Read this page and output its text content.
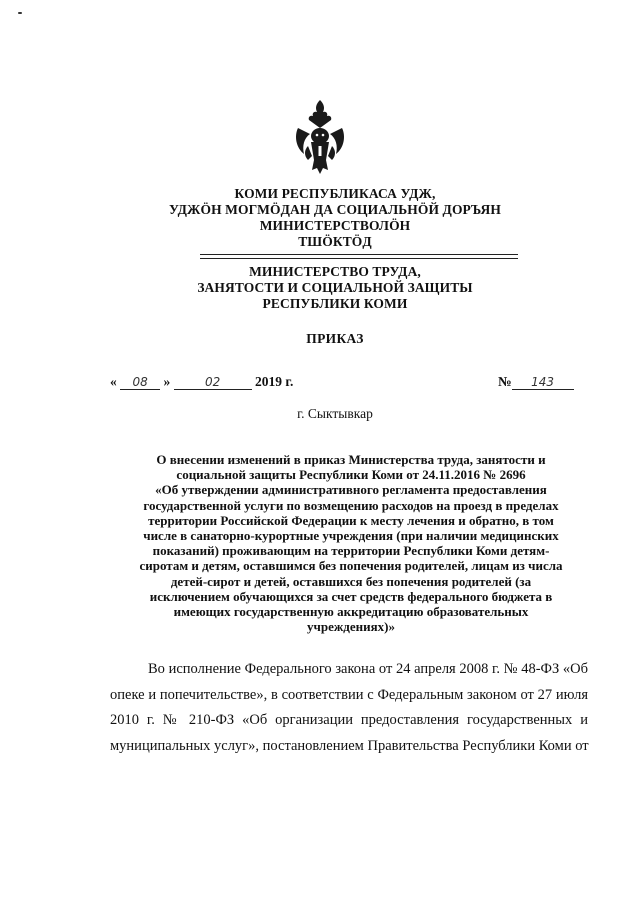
КОМИ РЕСПУБЛИКАСА УДЖ,
УДЖÖН МОГМÖДАН ДА СОЦИАЛЬНÖЙ ДОРЪЯН
МИНИСТЕРСТВОЛÖН
ТШÖКТÖД
МИНИСТЕРСТВО ТРУДА,
ЗАНЯТОСТИ И СОЦИАЛЬНОЙ ЗАЩИТЫ
РЕСПУБЛИКИ КОМИ
ПРИКАЗ
« 08 »	02	2019 г.	№ 143
г. Сыктывкар
О внесении изменений в приказ Министерства труда, занятости и
социальной защиты Республики Коми от 24.11.2016 № 2696
«Об утверждении административного регламента предоставления
государственной услуги по возмещению расходов на проезд в пределах
территории Российской Федерации к месту лечения и обратно, в том
числе в санаторно-курортные учреждения (при наличии медицинских
показаний) проживающим на территории Республики Коми детям-
сиротам и детям, оставшимся без попечения родителей, лицам из числа
детей-сирот и детей, оставшихся без попечения родителей (за
исключением обучающихся за счет средств федерального бюджета в
имеющих государственную аккредитацию образовательных
учреждениях)»
Во исполнение Федерального закона от 24 апреля 2008 г. № 48-ФЗ «Об
опеке и попечительстве», в соответствии с Федеральным законом от 27 июля
2010 г. № 210-ФЗ «Об организации предоставления государственных и
муниципальных услуг», постановлением Правительства Республики Коми от
